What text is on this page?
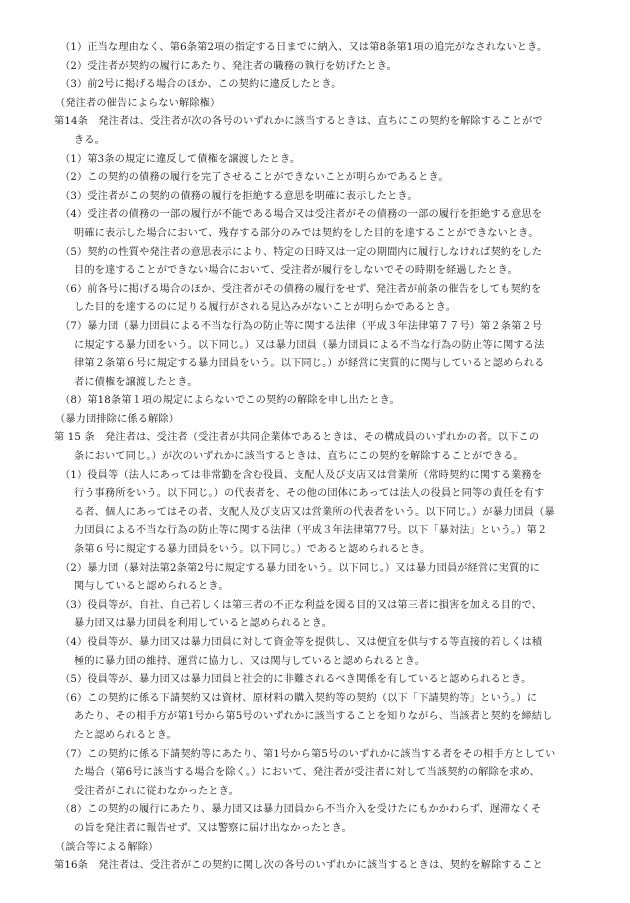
（1）正当な理由なく、第6条第2項の指定する日までに納入、又は第8条第1項の追完がなされないとき。
（2）受注者が契約の履行にあたり、発注者の職務の執行を妨げたとき。
（3）前2号に掲げる場合のほか、この契約に違反したとき。
（発注者の催告によらない解除権）
第14条　発注者は、受注者が次の各号のいずれかに該当するときは、直ちにこの契約を解除することがで
きる。
（1）第3条の規定に違反して債権を譲渡したとき。
（2）この契約の債務の履行を完了させることができないことが明らかであるとき。
（3）受注者がこの契約の債務の履行を拒絶する意思を明確に表示したとき。
（4）受注者の債務の一部の履行が不能である場合又は受注者がその債務の一部の履行を拒絶する意思を
明確に表示した場合において、残存する部分のみでは契約をした目的を達することができないとき。
（5）契約の性質や発注者の意思表示により、特定の日時又は一定の期間内に履行しなければ契約をした
目的を達することができない場合において、受注者が履行をしないでその時期を経過したとき。
（6）前各号に掲げる場合のほか、受注者がその債務の履行をせず、発注者が前条の催告をしても契約を
した目的を達するのに足りる履行がされる見込みがないことが明らかであるとき。
（7）暴力団（暴力団員による不当な行為の防止等に関する法律（平成３年法律第７７号）第２条第２号
に規定する暴力団をいう。以下同じ。）又は暴力団員（暴力団員による不当な行為の防止等に関する法
律第２条第６号に規定する暴力団員をいう。以下同じ。）が経営に実質的に関与していると認められる
者に債権を譲渡したとき。
（8）第18条第１項の規定によらないでこの契約の解除を申し出たとき。
（暴力団排除に係る解除）
第 15 条　発注者は、受注者（受注者が共同企業体であるときは、その構成員のいずれかの者。以下この
条において同じ。）が次のいずれかに該当するときは、直ちにこの契約を解除することができる。
（1）役員等（法人にあっては非常勤を含む役員、支配人及び支店又は営業所（常時契約に関する業務を
行う事務所をいう。以下同じ。）の代表者を、その他の団体にあっては法人の役員と同等の責任を有す
る者、個人にあってはその者、支配人及び支店又は営業所の代表者をいう。以下同じ。）が暴力団員（暴
力団員による不当な行為の防止等に関する法律（平成３年法律第77号。以下「暴対法」という。）第２
条第６号に規定する暴力団員をいう。以下同じ。）であると認められるとき。
（2）暴力団（暴対法第2条第2号に規定する暴力団をいう。以下同じ。）又は暴力団員が経営に実質的に
関与していると認められるとき。
（3）役員等が、自社、自己若しくは第三者の不正な利益を図る目的又は第三者に損害を加える目的で、
暴力団又は暴力団員を利用していると認められるとき。
（4）役員等が、暴力団又は暴力団員に対して資金等を提供し、又は便宜を供与する等直接的若しくは積
極的に暴力団の維持、運営に協力し、又は関与していると認められるとき。
（5）役員等が、暴力団又は暴力団員と社会的に非難されるべき関係を有していると認められるとき。
（6）この契約に係る下請契約又は資材、原材料の購入契約等の契約（以下「下請契約等」という。）に
あたり、その相手方が第1号から第5号のいずれかに該当することを知りながら、当該者と契約を締結し
たと認められるとき。
（7）この契約に係る下請契約等にあたり、第1号から第5号のいずれかに該当する者をその相手方としてい
た場合（第6号に該当する場合を除く。）において、発注者が受注者に対して当該契約の解除を求め、
受注者がこれに従わなかったとき。
（8）この契約の履行にあたり、暴力団又は暴力団員から不当介入を受けたにもかかわらず、遅滞なくそ
の旨を発注者に報告せず、又は警察に届け出なかったとき。
（談合等による解除）
第16条　発注者は、受注者がこの契約に関し次の各号のいずれかに該当するときは、契約を解除すること
